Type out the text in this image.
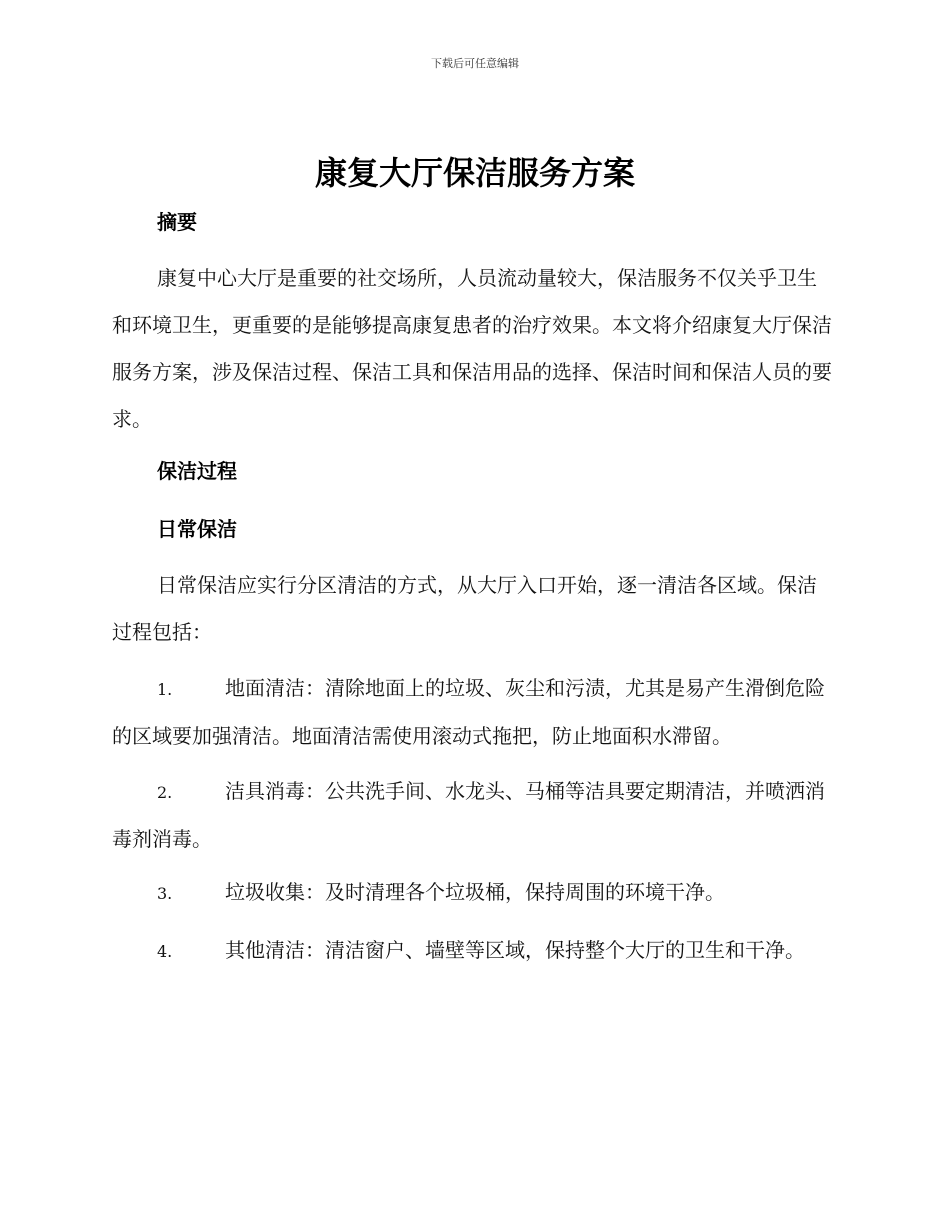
下载后可任意编辑
康复大厅保洁服务方案
摘要

康复中心大厅是重要的社交场所，人员流动量较大，保洁服务不仅关乎卫生和环境卫生，更重要的是能够提高康复患者的治疗效果。本文将介绍康复大厅保洁服务方案，涉及保洁过程、保洁工具和保洁用品的选择、保洁时间和保洁人员的要求。

保洁过程
日常保洁

日常保洁应实行分区清洁的方式，从大厅入口开始，逐一清洁各区域。保洁过程包括：

1.	地面清洁：清除地面上的垃圾、灰尘和污渍，尤其是易产生滑倒危险的区域要加强清洁。地面清洁需使用滚动式拖把，防止地面积水滞留。

2.	洁具消毒：公共洗手间、水龙头、马桶等洁具要定期清洁，并喷洒消毒剂消毒。

3.	垃圾收集：及时清理各个垃圾桶，保持周围的环境干净。

4.	其他清洁：清洁窗户、墙壁等区域，保持整个大厅的卫生和干净。
